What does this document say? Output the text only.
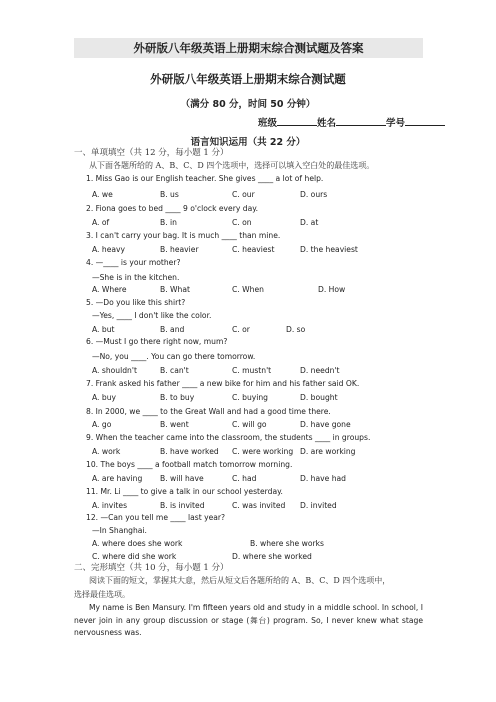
外研版八年级英语上册期末综合测试题及答案
外研版八年级英语上册期末综合测试题
（满分 80 分，时间 50 分钟）
班级	姓名	学号
语言知识运用（共 22 分）
一、单项填空（共 12 分，每小题 1 分）
从下面各题所给的 A、B、C、D 四个选项中，选择可以填入空白处的最佳选项。
1. Miss Gao is our English teacher. She gives ____ a lot of help.
A. we	B. us	C. our	D. ours
2. Fiona goes to bed ____ 9 o'clock every day.
A. of	B. in	C. on	D. at
3. I can't carry your bag. It is much ____ than mine.
A. heavy	B. heavier	C. heaviest	D. the heaviest
4. —____ is your mother?
—She is in the kitchen.
A. Where	B. What	C. When	D. How
5. —Do you like this shirt?
—Yes, ____ I don't like the color.
A. but	B. and	C. or	D. so
6. —Must I go there right now, mum?
—No, you ____. You can go there tomorrow.
A. shouldn't	B. can't	C. mustn't	D. needn't
7. Frank asked his father ____ a new bike for him and his father said OK.
A. buy	B. to buy	C. buying	D. bought
8. In 2000, we ____ to the Great Wall and had a good time there.
A. go	B. went	C. will go	D. have gone
9. When the teacher came into the classroom, the students ____ in groups.
A. work	B. have worked C. were working D. are working
10. The boys ____ a football match tomorrow morning.
A. are having B. will have	C. had	D. have had
11. Mr. Li ____ to give a talk in our school yesterday.
A. invites	B. is invited	C. was invited D. invited
12. —Can you tell me ____ last year?
—In Shanghai.
A. where does she work	B. where she works
C. where did she work	D. where she worked
二、完形填空（共 10 分，每小题 1 分）
阅读下面的短文，掌握其大意，然后从短文后各题所给的 A、B、C、D 四个选项中，
选择最佳选项。
My name is Ben Mansury. I'm fifteen years old and study in a middle school. In school, I never join in any group discussion or stage (舞台) program. So, I never knew what stage nervousness was.
